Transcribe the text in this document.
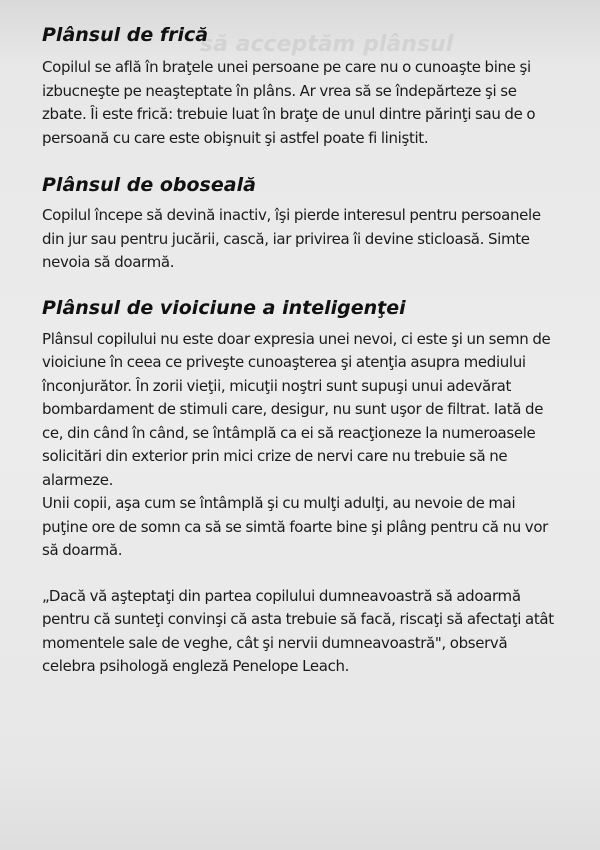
să acceptăm plânsul
Plânsul de frică

Copilul se află în braţele unei persoane pe care nu o cunoaşte bine şi izbucneşte pe neaşteptate în plâns. Ar vrea să se îndepărteze şi se zbate. Îi este frică: trebuie luat în braţe de unul dintre părinţi sau de o persoană cu care este obişnuit şi astfel poate fi liniştit.

Plânsul de oboseală

Copilul începe să devină inactiv, îşi pierde interesul pentru persoanele din jur sau pentru jucării, cască, iar privirea îi devine sticloasă. Simte nevoia să doarmă.

Plânsul de vioiciune a inteligenţei

Plânsul copilului nu este doar expresia unei nevoi, ci este şi un semn de vioiciune în ceea ce priveşte cunoaşterea şi atenţia asupra mediului înconjurător. În zorii vieţii, micuţii noştri sunt supuşi unui adevărat bombardament de stimuli care, desigur, nu sunt uşor de filtrat. Iată de ce, din când în când, se întâmplă ca ei să reacţioneze la numeroasele solicitări din exterior prin mici crize de nervi care nu trebuie să ne alarmeze.

Unii copii, aşa cum se întâmplă şi cu mulţi adulţi, au nevoie de mai puţine ore de somn ca să se simtă foarte bine şi plâng pentru că nu vor să doarmă.

„Dacă vă aşteptaţi din partea copilului dumneavoastră să adoarmă pentru că sunteţi convinşi că asta trebuie să facă, riscaţi să afectaţi atât momentele sale de veghe, cât şi nervii dumneavoastră", observă celebra psihologă engleză Penelope Leach.
